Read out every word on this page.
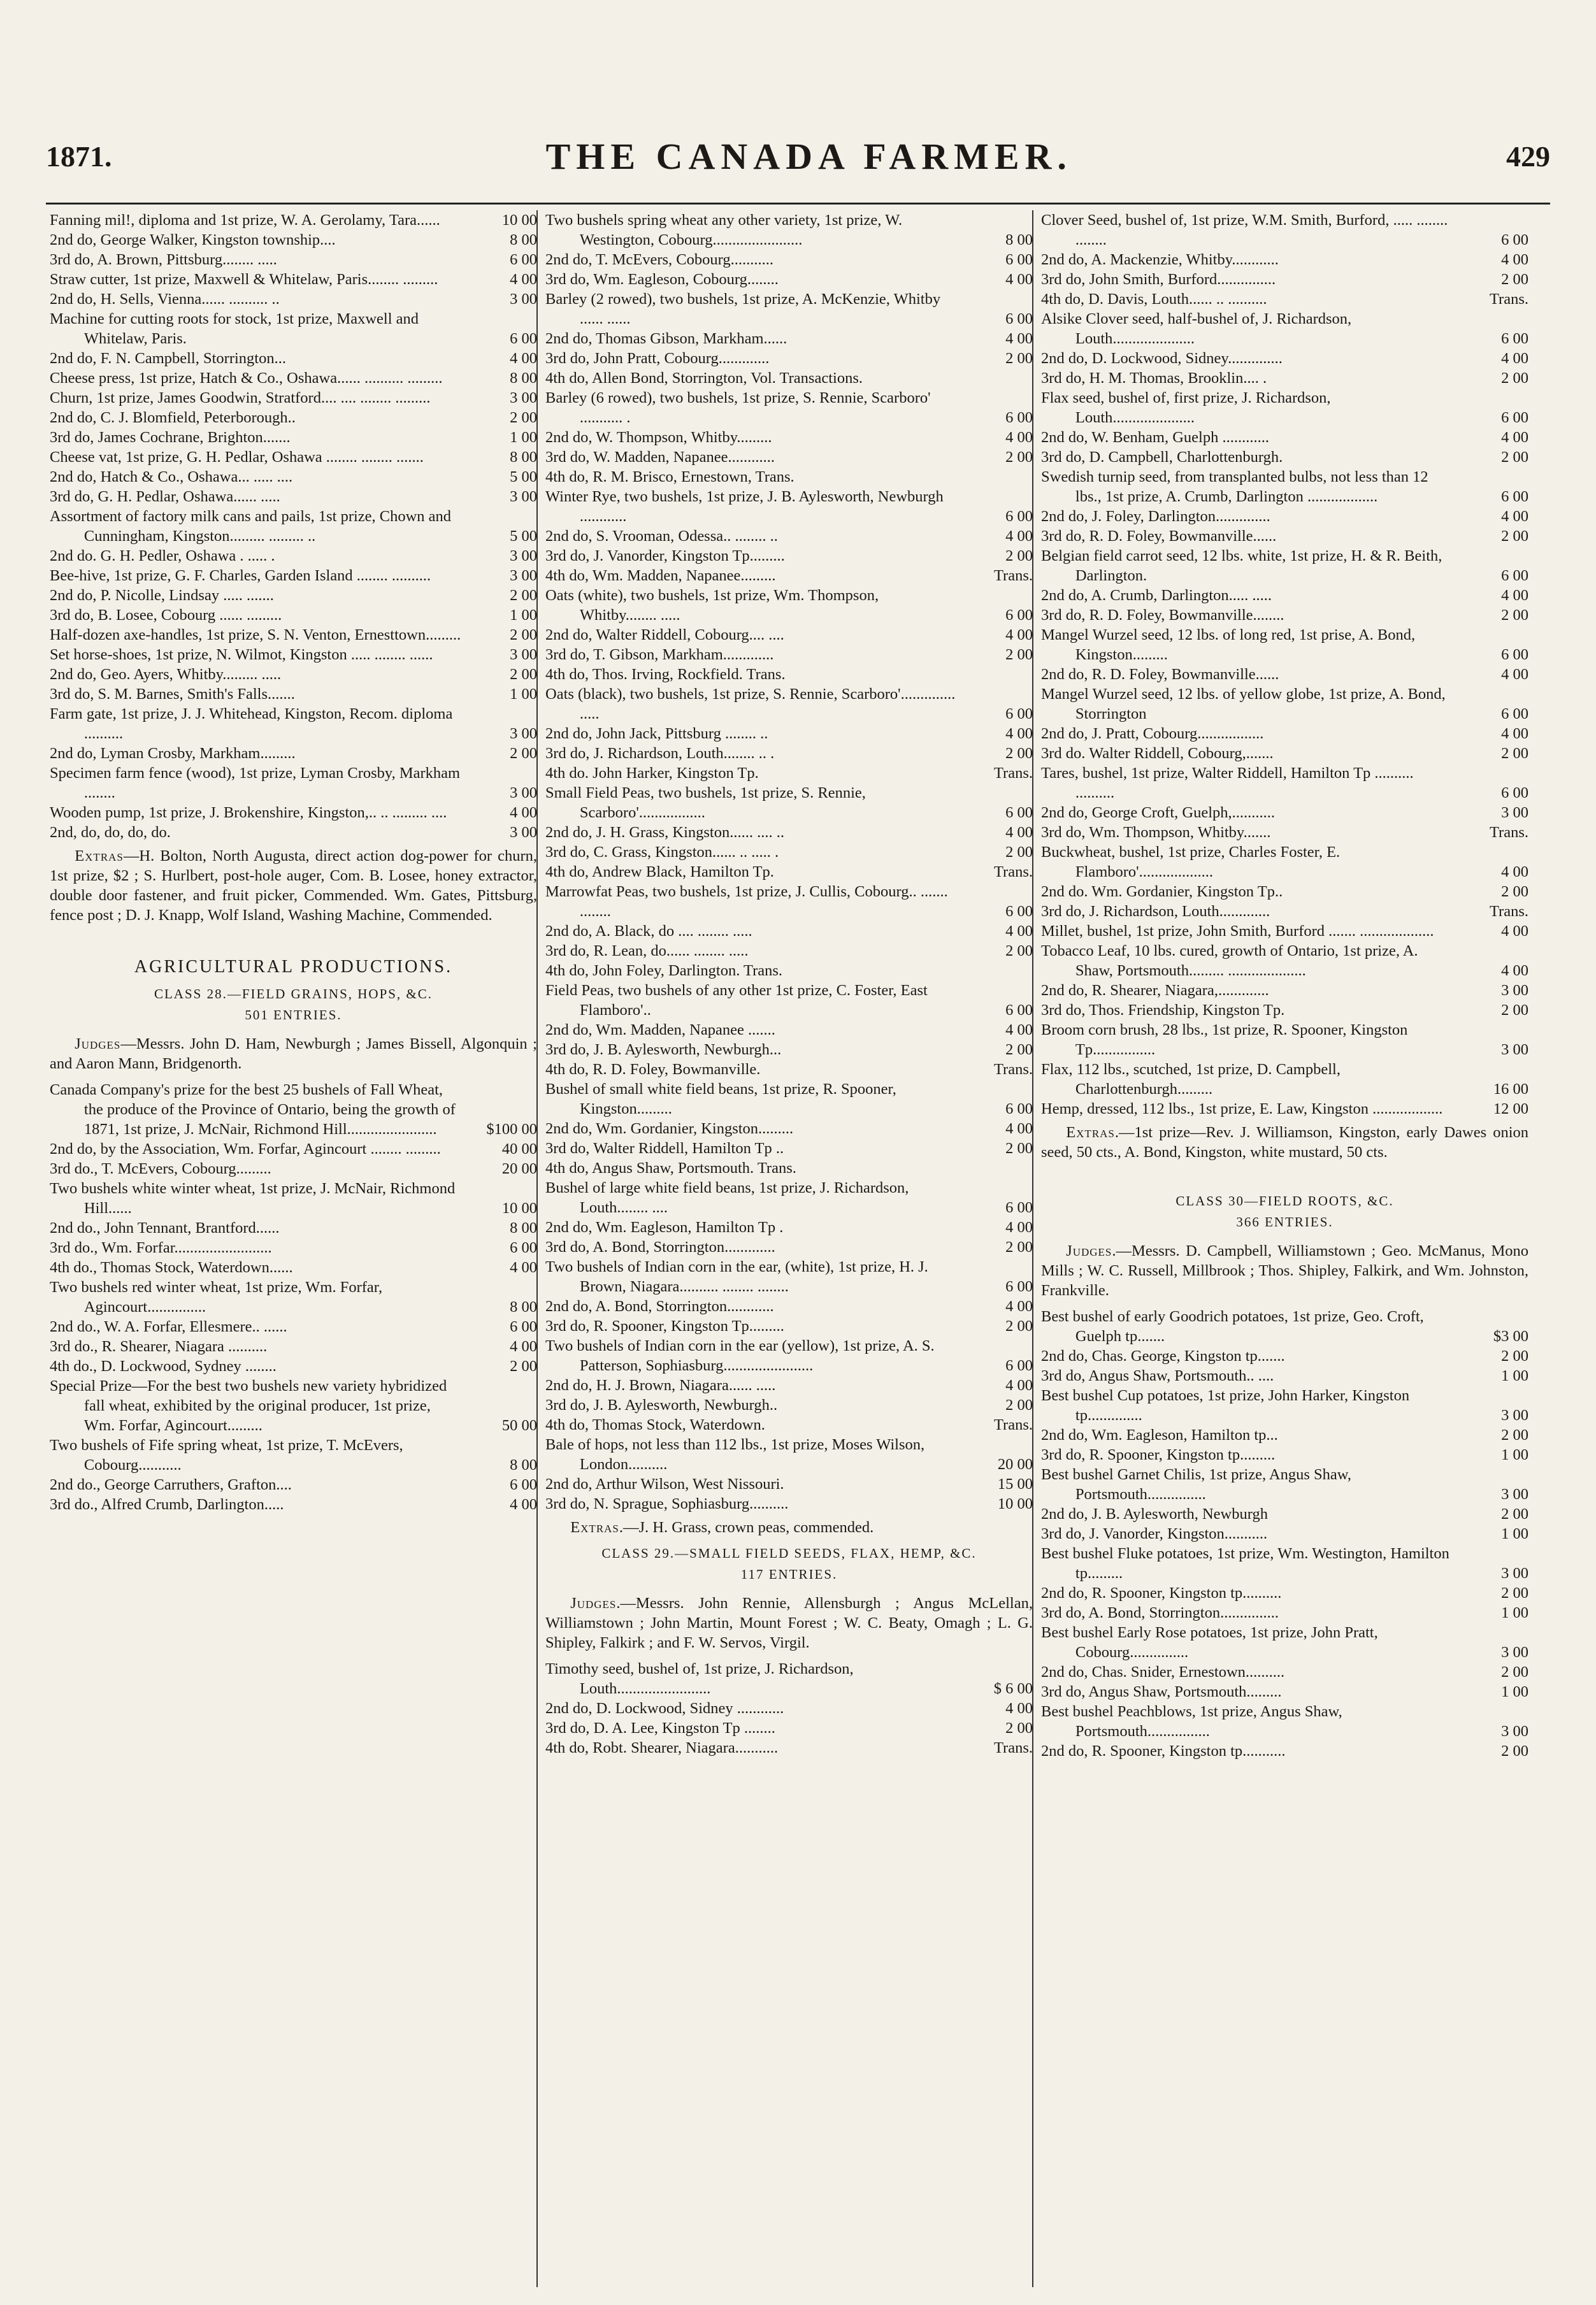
1871.	THE CANADA FARMER.	429
Fanning mil!, diploma and 1st prize, W. A. Gerolamy, Tara......	10 00
2nd do, George Walker, Kingston township....	8 00
3rd do, A. Brown, Pittsburg........ .....	6 00
Straw cutter, 1st prize, Maxwell & Whitelaw, Paris........ .........	4 00
2nd do, H. Sells, Vienna...... .......... ..	3 00
Machine for cutting roots for stock, 1st prize, Maxwell and Whitelaw, Paris.	6 00
2nd do, F. N. Campbell, Storrington...	4 00
Cheese press, 1st prize, Hatch & Co., Oshawa...... .......... .........	8 00
Churn, 1st prize, James Goodwin, Stratford.... .... ........ .........	3 00
2nd do, C. J. Blomfield, Peterborough..	2 00
3rd do, James Cochrane, Brighton.......	1 00
Cheese vat, 1st prize, G. H. Pedlar, Oshawa ........ ........ .......	8 00
2nd do, Hatch & Co., Oshawa... ..... ....	5 00
3rd do, G. H. Pedlar, Oshawa...... .....	3 00
Assortment of factory milk cans and pails, 1st prize, Chown and Cunningham, Kingston......... ......... ..	5 00
2nd do. G. H. Pedler, Oshawa . ..... .	3 00
Bee-hive, 1st prize, G. F. Charles, Garden Island ........ ..........	3 00
2nd do, P. Nicolle, Lindsay ..... .......	2 00
3rd do, B. Losee, Cobourg ...... .........	1 00
Half-dozen axe-handles, 1st prize, S. N. Venton, Ernesttown.........	2 00
Set horse-shoes, 1st prize, N. Wilmot, Kingston ..... ........ ......	3 00
2nd do, Geo. Ayers, Whitby......... .....	2 00
3rd do, S. M. Barnes, Smith's Falls.......	1 00
Farm gate, 1st prize, J. J. Whitehead, Kingston, Recom. diploma ..........	3 00
2nd do, Lyman Crosby, Markham.........	2 00
Specimen farm fence (wood), 1st prize, Lyman Crosby, Markham ........	3 00
Wooden pump, 1st prize, J. Brokenshire, Kingston,.. .. ......... ....	4 00
2nd, do, do, do, do.	3 00
Extras—H. Bolton, North Augusta, direct action dog-power for churn, 1st prize, $2 ; S. Hurlbert, post-hole auger, Com. B. Losee, honey extractor, double door fastener, and fruit picker, Commended. Wm. Gates, Pittsburg, fence post ; D. J. Knapp, Wolf Island, Washing Machine, Commended.
AGRICULTURAL PRODUCTIONS.
CLASS 28.—FIELD GRAINS, HOPS, &C.
501 ENTRIES.
Judges—Messrs. John D. Ham, Newburgh ; James Bissell, Algonquin ; and Aaron Mann, Bridgenorth.
Canada Company's prize for the best 25 bushels of Fall Wheat, the produce of the Province of Ontario, being the growth of 1871, 1st prize, J. McNair, Richmond Hill.......................	$100 00
2nd do, by the Association, Wm. Forfar, Agincourt ........ .........	40 00
3rd do., T. McEvers, Cobourg.........	20 00
Two bushels white winter wheat, 1st prize, J. McNair, Richmond Hill......	10 00
2nd do., John Tennant, Brantford......	8 00
3rd do., Wm. Forfar.........................	6 00
4th do., Thomas Stock, Waterdown......	4 00
Two bushels red winter wheat, 1st prize, Wm. Forfar, Agincourt...............	8 00
2nd do., W. A. Forfar, Ellesmere.. ......	6 00
3rd do., R. Shearer, Niagara ..........	4 00
4th do., D. Lockwood, Sydney ........	2 00
Special Prize—For the best two bushels new variety hybridized fall wheat, exhibited by the original producer, 1st prize, Wm. Forfar, Agincourt.........	50 00
Two bushels of Fife spring wheat, 1st prize, T. McEvers, Cobourg...........	8 00
2nd do., George Carruthers, Grafton....	6 00
3rd do., Alfred Crumb, Darlington.....	4 00
Two bushels spring wheat any other variety, 1st prize, W. Westington, Cobourg.......................	8 00
2nd do, T. McEvers, Cobourg...........	6 00
3rd do, Wm. Eagleson, Cobourg........	4 00
Barley (2 rowed), two bushels, 1st prize, A. McKenzie, Whitby ...... ......	6 00
2nd do, Thomas Gibson, Markham......	4 00
3rd do, John Pratt, Cobourg.............	2 00
4th do, Allen Bond, Storrington, Vol. Transactions.
Barley (6 rowed), two bushels, 1st prize, S. Rennie, Scarboro' ........... .	6 00
2nd do, W. Thompson, Whitby.........	4 00
3rd do, W. Madden, Napanee............	2 00
4th do, R. M. Brisco, Ernestown, Trans.
Winter Rye, two bushels, 1st prize, J. B. Aylesworth, Newburgh ............	6 00
2nd do, S. Vrooman, Odessa.. ........ ..	4 00
3rd do, J. Vanorder, Kingston Tp.........	2 00
4th do, Wm. Madden, Napanee.........	Trans.
Oats (white), two bushels, 1st prize, Wm. Thompson, Whitby........ .....	6 00
2nd do, Walter Riddell, Cobourg.... ....	4 00
3rd do, T. Gibson, Markham.............	2 00
4th do, Thos. Irving, Rockfield. Trans.
Oats (black), two bushels, 1st prize, S. Rennie, Scarboro'.............. .....	6 00
2nd do, John Jack, Pittsburg ........ ..	4 00
3rd do, J. Richardson, Louth........ .. .	2 00
4th do. John Harker, Kingston Tp.	Trans.
Small Field Peas, two bushels, 1st prize, S. Rennie, Scarboro'.................	6 00
2nd do, J. H. Grass, Kingston...... .... ..	4 00
3rd do, C. Grass, Kingston...... .. ..... .	2 00
4th do, Andrew Black, Hamilton Tp.	Trans.
Marrowfat Peas, two bushels, 1st prize, J. Cullis, Cobourg.. ....... ........	6 00
2nd do, A. Black, do .... ........ .....	4 00
3rd do, R. Lean, do...... ........ .....	2 00
4th do, John Foley, Darlington. Trans.
Field Peas, two bushels of any other 1st prize, C. Foster, East Flamboro'..	6 00
2nd do, Wm. Madden, Napanee .......	4 00
3rd do, J. B. Aylesworth, Newburgh...	2 00
4th do, R. D. Foley, Bowmanville.	Trans.
Bushel of small white field beans, 1st prize, R. Spooner, Kingston.........	6 00
2nd do, Wm. Gordanier, Kingston.........	4 00
3rd do, Walter Riddell, Hamilton Tp ..	2 00
4th do, Angus Shaw, Portsmouth. Trans.
Bushel of large white field beans, 1st prize, J. Richardson, Louth........ ....	6 00
2nd do, Wm. Eagleson, Hamilton Tp .	4 00
3rd do, A. Bond, Storrington.............	2 00
Two bushels of Indian corn in the ear, (white), 1st prize, H. J. Brown, Niagara.......... ........ ........	6 00
2nd do, A. Bond, Storrington............	4 00
3rd do, R. Spooner, Kingston Tp.........	2 00
Two bushels of Indian corn in the ear (yellow), 1st prize, A. S. Patterson, Sophiasburg.......................	6 00
2nd do, H. J. Brown, Niagara...... .....	4 00
3rd do, J. B. Aylesworth, Newburgh..	2 00
4th do, Thomas Stock, Waterdown.	Trans.
Bale of hops, not less than 112 lbs., 1st prize, Moses Wilson, London..........	20 00
2nd do, Arthur Wilson, West Nissouri.	15 00
3rd do, N. Sprague, Sophiasburg..........	10 00
Extras.—J. H. Grass, crown peas, commended.
CLASS 29.—SMALL FIELD SEEDS, FLAX, HEMP, &C.
117 ENTRIES.
Judges.—Messrs. John Rennie, Allensburgh ; Angus McLellan, Williamstown ; John Martin, Mount Forest ; W. C. Beaty, Omagh ; L. G. Shipley, Falkirk ; and F. W. Servos, Virgil.
Timothy seed, bushel of, 1st prize, J. Richardson, Louth........................	$ 6 00
2nd do, D. Lockwood, Sidney ............	4 00
3rd do, D. A. Lee, Kingston Tp ........	2 00
4th do, Robt. Shearer, Niagara...........	Trans.
Clover Seed, bushel of, 1st prize, W.M. Smith, Burford, ..... ........ ........	6 00
2nd do, A. Mackenzie, Whitby............	4 00
3rd do, John Smith, Burford...............	2 00
4th do, D. Davis, Louth...... .. ..........	Trans.
Alsike Clover seed, half-bushel of, J. Richardson, Louth.....................	6 00
2nd do, D. Lockwood, Sidney..............	4 00
3rd do, H. M. Thomas, Brooklin.... .	2 00
Flax seed, bushel of, first prize, J. Richardson, Louth.....................	6 00
2nd do, W. Benham, Guelph ............	4 00
3rd do, D. Campbell, Charlottenburgh.	2 00
Swedish turnip seed, from transplanted bulbs, not less than 12 lbs., 1st prize, A. Crumb, Darlington ..................	6 00
2nd do, J. Foley, Darlington..............	4 00
3rd do, R. D. Foley, Bowmanville......	2 00
Belgian field carrot seed, 12 lbs. white, 1st prize, H. & R. Beith, Darlington.	6 00
2nd do, A. Crumb, Darlington..... .....	4 00
3rd do, R. D. Foley, Bowmanville........	2 00
Mangel Wurzel seed, 12 lbs. of long red, 1st prise, A. Bond, Kingston.........	6 00
2nd do, R. D. Foley, Bowmanville......	4 00
Mangel Wurzel seed, 12 lbs. of yellow globe, 1st prize, A. Bond, Storrington	6 00
2nd do, J. Pratt, Cobourg.................	4 00
3rd do. Walter Riddell, Cobourg,.......	2 00
Tares, bushel, 1st prize, Walter Riddell, Hamilton Tp .......... ..........	6 00
2nd do, George Croft, Guelph,...........	3 00
3rd do, Wm. Thompson, Whitby.......	Trans.
Buckwheat, bushel, 1st prize, Charles Foster, E. Flamboro'...................	4 00
2nd do. Wm. Gordanier, Kingston Tp..	2 00
3rd do, J. Richardson, Louth.............	Trans.
Millet, bushel, 1st prize, John Smith, Burford ....... ...................	4 00
Tobacco Leaf, 10 lbs. cured, growth of Ontario, 1st prize, A. Shaw, Portsmouth......... ....................	4 00
2nd do, R. Shearer, Niagara,.............	3 00
3rd do, Thos. Friendship, Kingston Tp.	2 00
Broom corn brush, 28 lbs., 1st prize, R. Spooner, Kingston Tp................	3 00
Flax, 112 lbs., scutched, 1st prize, D. Campbell, Charlottenburgh.........	16 00
Hemp, dressed, 112 lbs., 1st prize, E. Law, Kingston ..................	12 00
Extras.—1st prize—Rev. J. Williamson, Kingston, early Dawes onion seed, 50 cts., A. Bond, Kingston, white mustard, 50 cts.
CLASS 30—FIELD ROOTS, &C.
366 ENTRIES.
Judges.—Messrs. D. Campbell, Williamstown ; Geo. McManus, Mono Mills ; W. C. Russell, Millbrook ; Thos. Shipley, Falkirk, and Wm. Johnston, Frankville.
Best bushel of early Goodrich potatoes, 1st prize, Geo. Croft, Guelph tp.......	$3 00
2nd do, Chas. George, Kingston tp.......	2 00
3rd do, Angus Shaw, Portsmouth.. ....	1 00
Best bushel Cup potatoes, 1st prize, John Harker, Kingston tp..............	3 00
2nd do, Wm. Eagleson, Hamilton tp...	2 00
3rd do, R. Spooner, Kingston tp.........	1 00
Best bushel Garnet Chilis, 1st prize, Angus Shaw, Portsmouth...............	3 00
2nd do, J. B. Aylesworth, Newburgh	2 00
3rd do, J. Vanorder, Kingston...........	1 00
Best bushel Fluke potatoes, 1st prize, Wm. Westington, Hamilton tp.........	3 00
2nd do, R. Spooner, Kingston tp..........	2 00
3rd do, A. Bond, Storrington...............	1 00
Best bushel Early Rose potatoes, 1st prize, John Pratt, Cobourg...............	3 00
2nd do, Chas. Snider, Ernestown..........	2 00
3rd do, Angus Shaw, Portsmouth.........	1 00
Best bushel Peachblows, 1st prize, Angus Shaw, Portsmouth................	3 00
2nd do, R. Spooner, Kingston tp...........	2 00
